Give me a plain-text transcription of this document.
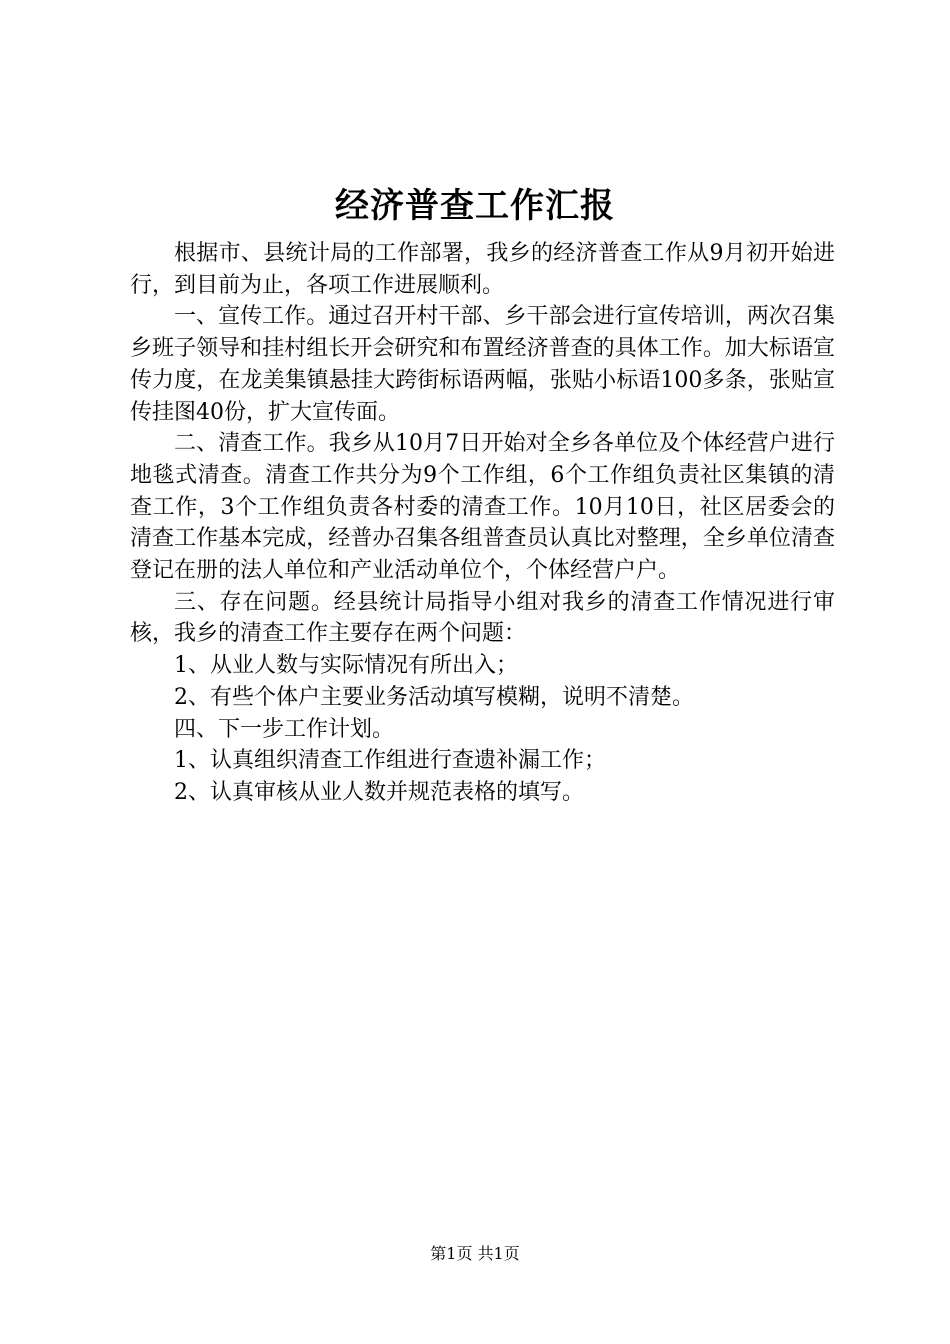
经济普查工作汇报

根据市、县统计局的工作部署，我乡的经济普查工作从9月初开始进行，到目前为止，各项工作进展顺利。

一、宣传工作。通过召开村干部、乡干部会进行宣传培训，两次召集乡班子领导和挂村组长开会研究和布置经济普查的具体工作。加大标语宣传力度，在龙美集镇悬挂大跨街标语两幅，张贴小标语100多条，张贴宣传挂图40份，扩大宣传面。

二、清查工作。我乡从10月7日开始对全乡各单位及个体经营户进行地毯式清查。清查工作共分为9个工作组，6个工作组负责社区集镇的清查工作，3个工作组负责各村委的清查工作。10月10日，社区居委会的清查工作基本完成，经普办召集各组普查员认真比对整理，全乡单位清查登记在册的法人单位和产业活动单位个，个体经营户户。

三、存在问题。经县统计局指导小组对我乡的清查工作情况进行审核，我乡的清查工作主要存在两个问题：

1、从业人数与实际情况有所出入；

2、有些个体户主要业务活动填写模糊，说明不清楚。

四、下一步工作计划。

1、认真组织清查工作组进行查遗补漏工作；

2、认真审核从业人数并规范表格的填写。

第1页 共1页
